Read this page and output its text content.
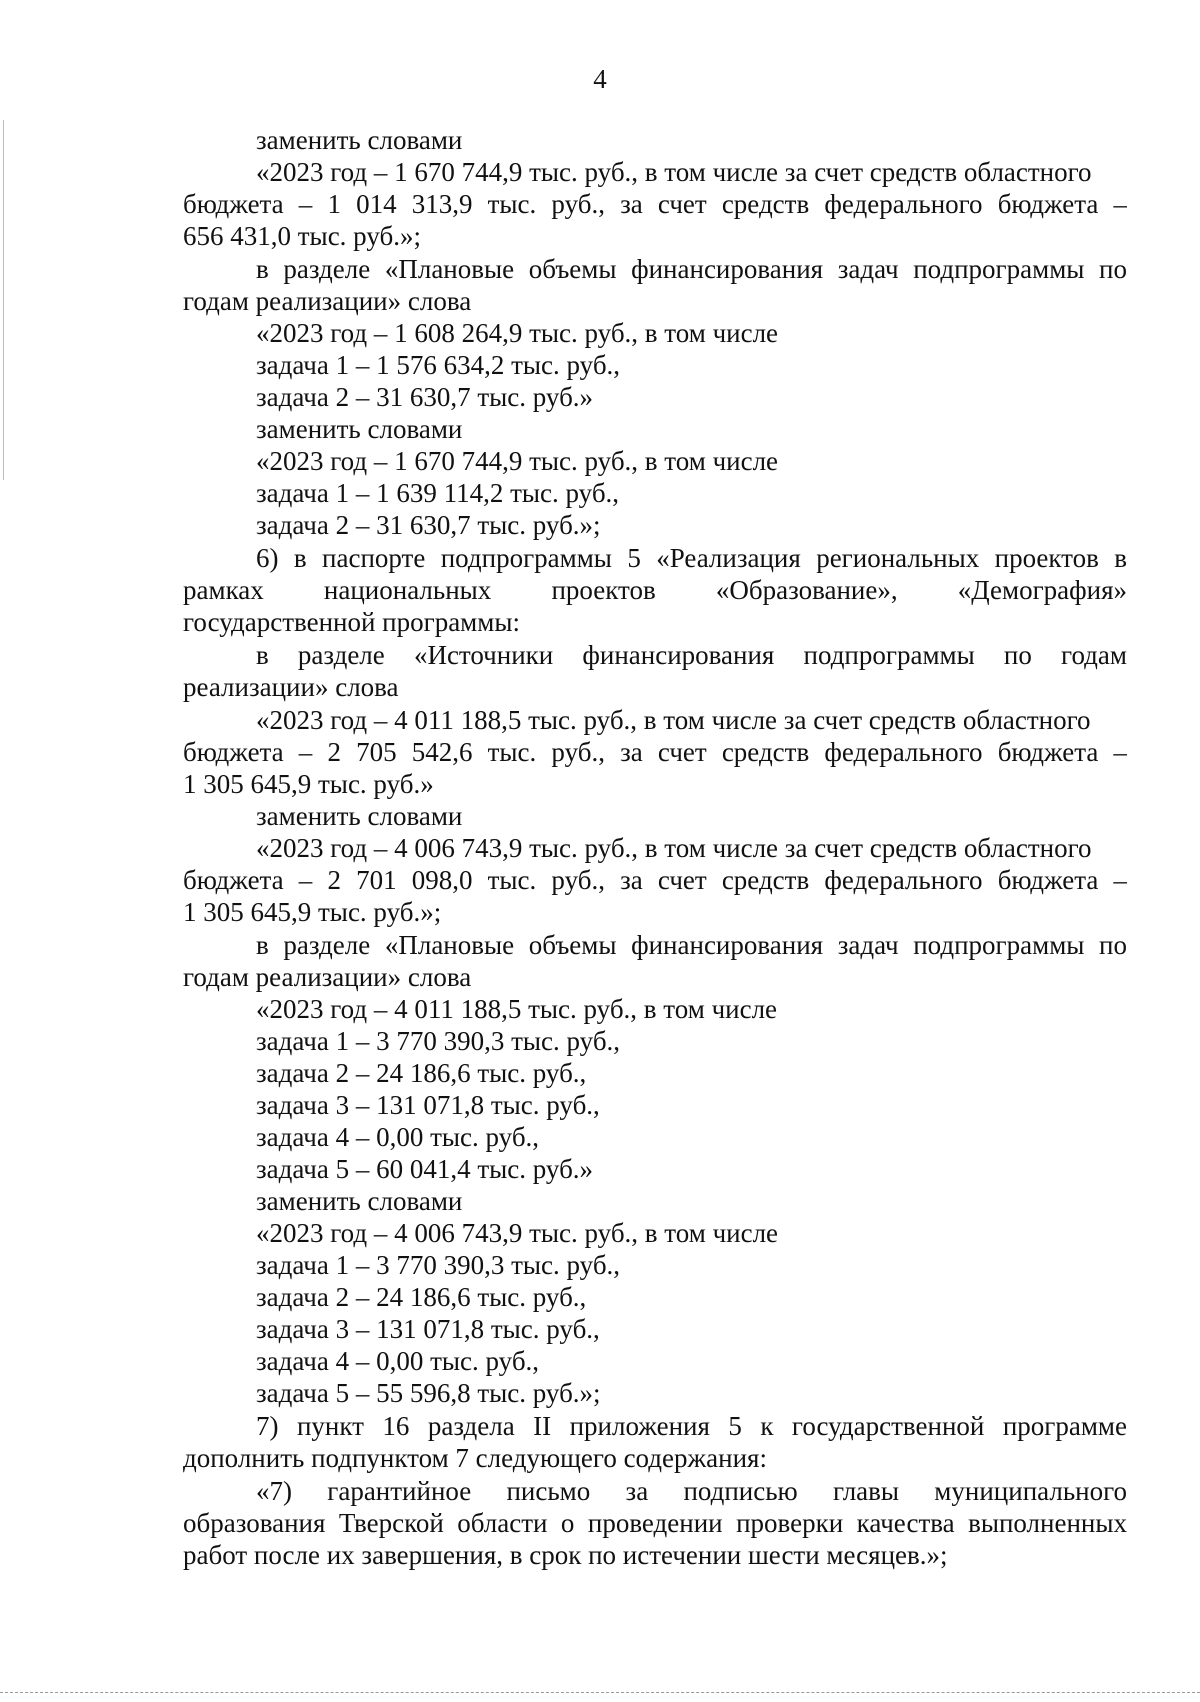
4
заменить словами
«2023 год – 1 670 744,9 тыс. руб., в том числе за счет средств областного
бюджета – 1 014 313,9 тыс. руб., за счет средств федерального бюджета –
656 431,0 тыс. руб.»;
в разделе «Плановые объемы финансирования задач подпрограммы по
годам реализации» слова
«2023 год – 1 608 264,9 тыс. руб., в том числе
задача 1 – 1 576 634,2 тыс. руб.,
задача 2 – 31 630,7 тыс. руб.»
заменить словами
«2023 год – 1 670 744,9 тыс. руб., в том числе
задача 1 – 1 639 114,2 тыс. руб.,
задача 2 – 31 630,7 тыс. руб.»;
6) в паспорте подпрограммы 5 «Реализация региональных проектов в
рамках национальных проектов «Образование», «Демография»
государственной программы:
в разделе «Источники финансирования подпрограммы по годам
реализации» слова
«2023 год – 4 011 188,5 тыс. руб., в том числе за счет средств областного
бюджета – 2 705 542,6 тыс. руб., за счет средств федерального бюджета –
1 305 645,9 тыс. руб.»
заменить словами
«2023 год – 4 006 743,9 тыс. руб., в том числе за счет средств областного
бюджета – 2 701 098,0 тыс. руб., за счет средств федерального бюджета –
1 305 645,9 тыс. руб.»;
в разделе «Плановые объемы финансирования задач подпрограммы по
годам реализации» слова
«2023 год – 4 011 188,5 тыс. руб., в том числе
задача 1 – 3 770 390,3 тыс. руб.,
задача 2 – 24 186,6 тыс. руб.,
задача 3 – 131 071,8 тыс. руб.,
задача 4 – 0,00 тыс. руб.,
задача 5 – 60 041,4 тыс. руб.»
заменить словами
«2023 год – 4 006 743,9 тыс. руб., в том числе
задача 1 – 3 770 390,3 тыс. руб.,
задача 2 – 24 186,6 тыс. руб.,
задача 3 – 131 071,8 тыс. руб.,
задача 4 – 0,00 тыс. руб.,
задача 5 – 55 596,8 тыс. руб.»;
7) пункт 16 раздела II приложения 5 к государственной программе
дополнить подпунктом 7 следующего содержания:
«7) гарантийное письмо за подписью главы муниципального
образования Тверской области о проведении проверки качества выполненных
работ после их завершения, в срок по истечении шести месяцев.»;
